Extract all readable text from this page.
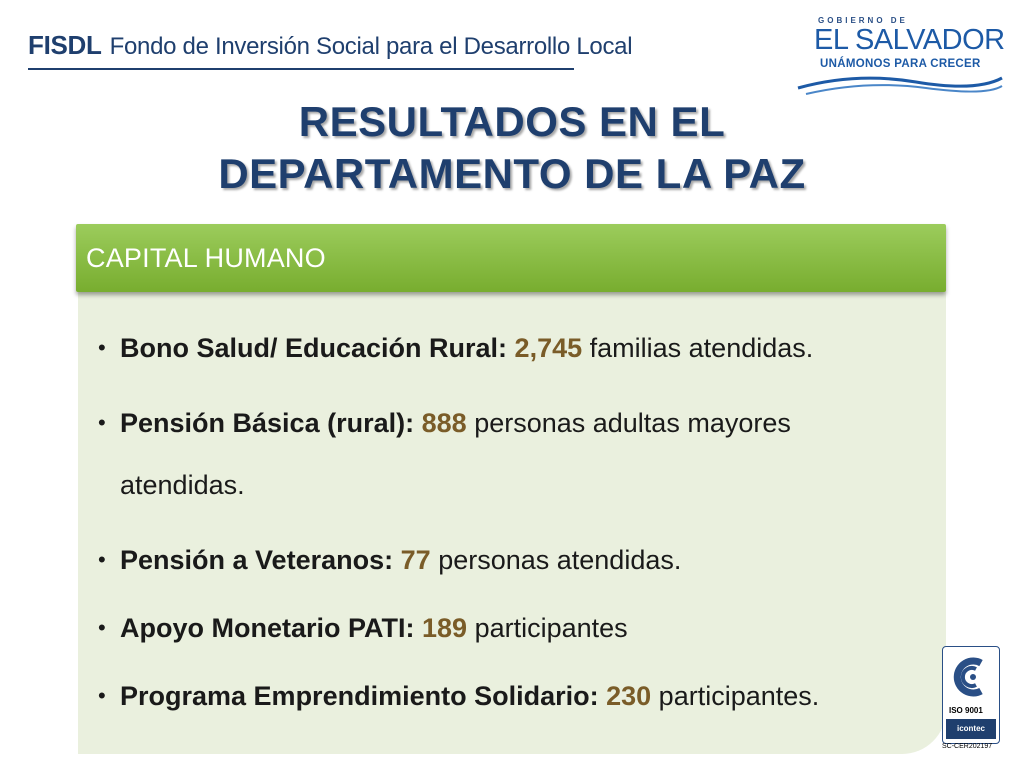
FISDL Fondo de Inversión Social para el Desarrollo Local
GOBIERNO DE
EL SALVADOR
UNÁMONOS PARA CRECER
RESULTADOS EN EL
DEPARTAMENTO DE LA PAZ
CAPITAL HUMANO
• Bono Salud/ Educación Rural: 2,745 familias atendidas.
• Pensión Básica (rural): 888 personas adultas mayores atendidas.
• Pensión a Veteranos: 77 personas atendidas.
• Apoyo Monetario PATI: 189 participantes
• Programa Emprendimiento Solidario: 230 participantes.	ISO 9001
icontec
SC-CER202197
